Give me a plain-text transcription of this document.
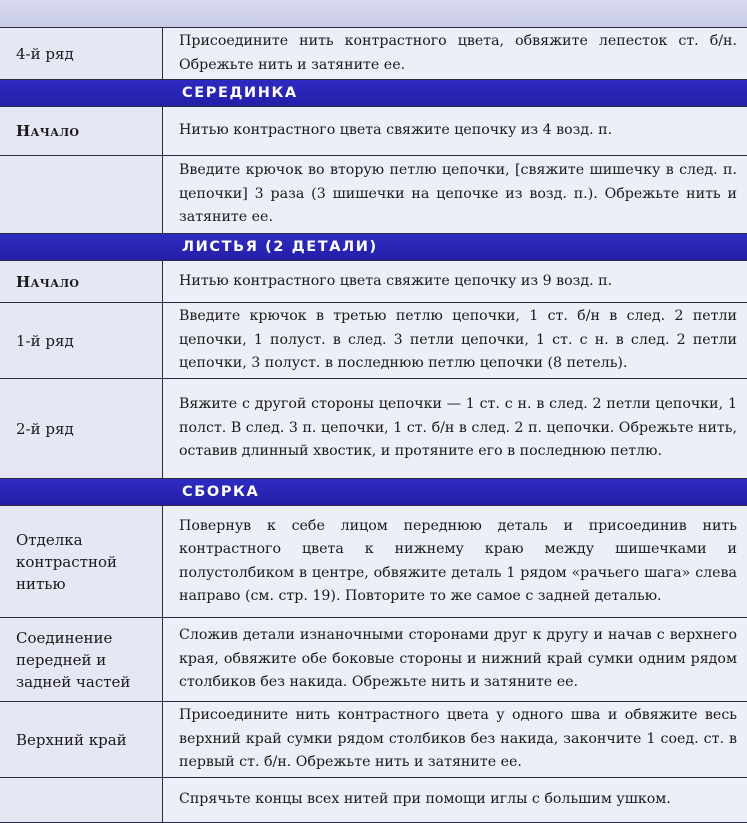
4-й ряд
Присоедините нить контрастного цвета, обвяжите лепесток ст. б/н. Обрежьте нить и затяните ее.
СЕРЕДИНКА
Начало	Нитью контрастного цвета свяжите цепочку из 4 возд. п.
Введите крючок во вторую петлю цепочки, [свяжите шишечку в след. п. цепочки] 3 раза (3 шишечки на цепочке из возд. п.). Обрежьте нить и затяните ее.
ЛИСТЬЯ (2 ДЕТАЛИ)
Начало	Нитью контрастного цвета свяжите цепочку из 9 возд. п.
1-й ряд
Введите крючок в третью петлю цепочки, 1 ст. б/н в след. 2 петли цепочки, 1 полуст. в след. 3 петли цепочки, 1 ст. с н. в след. 2 петли цепочки, 3 полуст. в последнюю петлю цепочки (8 петель).
2-й ряд
Вяжите с другой стороны цепочки — 1 ст. с н. в след. 2 петли цепочки, 1 полст. В след. 3 п. цепочки, 1 ст. б/н в след. 2 п. цепочки. Обрежьте нить, оставив длинный хвостик, и протяните его в последнюю петлю.
СБОРКА
Отделка контрастной нитью
Повернув к себе лицом переднюю деталь и присоединив нить контрастного цвета к нижнему краю между шишечками и полустолбиком в центре, обвяжите деталь 1 рядом «рачьего шага» слева направо (см. стр. 19). Повторите то же самое с задней деталью.
Соединение передней и задней частей
Сложив детали изнаночными сторонами друг к другу и начав с верхнего края, обвяжите обе боковые стороны и нижний край сумки одним рядом столбиков без накида. Обрежьте нить и затяните ее.
Верхний край
Присоедините нить контрастного цвета у одного шва и обвяжите весь верхний край сумки рядом столбиков без накида, закончите 1 соед. ст. в первый ст. б/н. Обрежьте нить и затяните ее.
Спрячьте концы всех нитей при помощи иглы с большим ушком.
